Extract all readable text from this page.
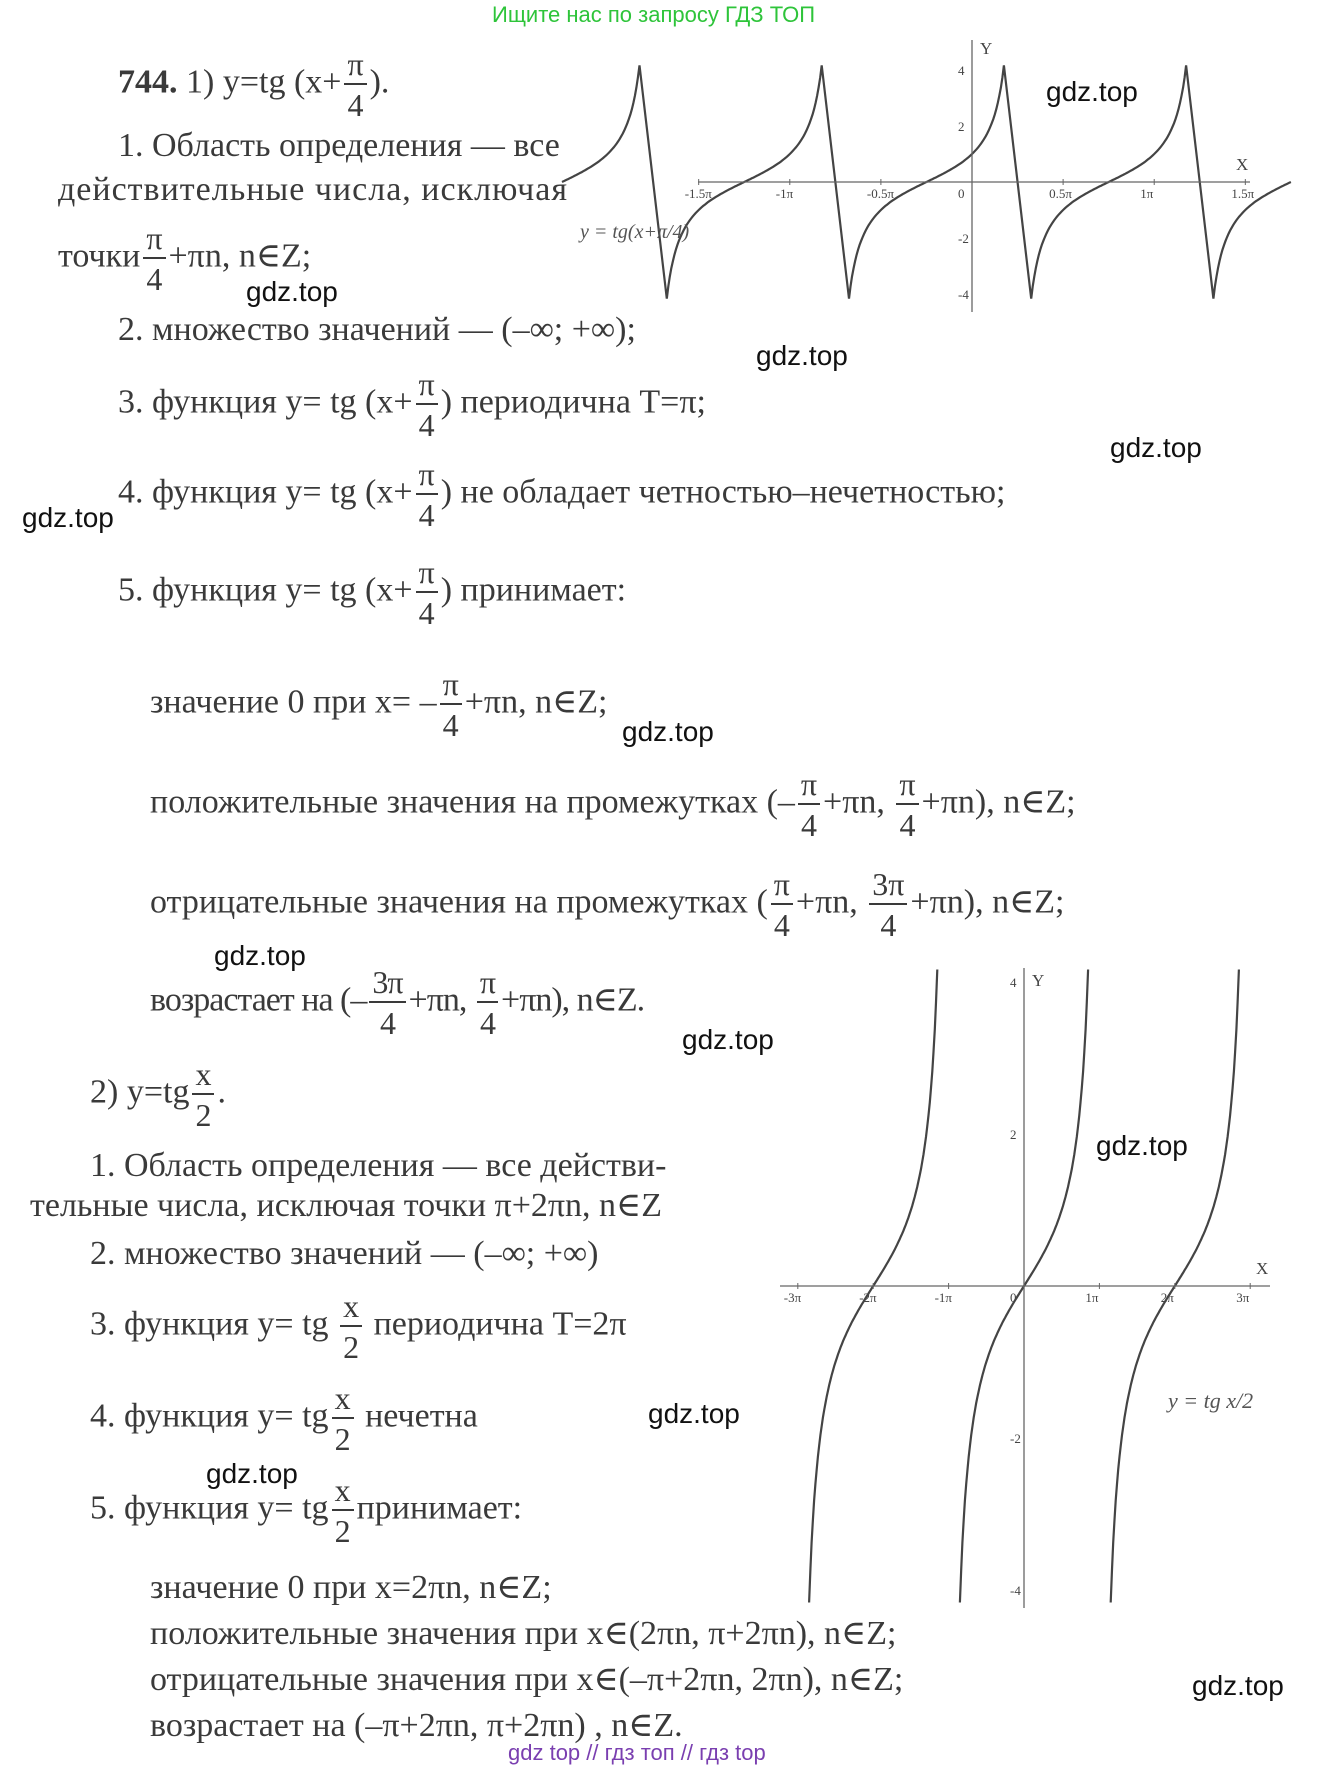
Ищите нас по запросу ГДЗ ТОП
gdz top // гдз топ // гдз top
744. 1) y=tg ($x+ \frac{\pi}{4}$ ).
1. Область определения — все
действительные числа, исключая
точки $\frac{\pi}{4} +\pi n$, n∈Z;
2. множество значений — (–∞; +∞);
3. функция y= tg ($x+ \frac{\pi}{4}$ ) периодична T=π;
4. функция y= tg ($x+ \frac{\pi}{4}$ ) не обладает четностью–нечетностью;
5. функция y= tg ($x+ \frac{\pi}{4}$ ) принимает:
значение 0 при $x= - \frac{\pi}{4} +\pi n$, n∈Z;
положительные значения на промежутках (– $\frac{\pi}{4} +\pi n$, $\frac{\pi}{4} +\pi n$), n∈Z;
отрицательные значения на промежутках ( $\frac{\pi}{4} +\pi n$, $\frac{3\pi}{4} +\pi n$), n∈Z;
возрастает на (– $\frac{3\pi}{4} +\pi n$, $\frac{\pi}{4} +\pi n$), n∈Z.
2) $y=tg \frac{x}{2}$ .
1. Область определения — все действи-
тельные числа, исключая точки π+2πn, n∈Z
2. множество значений — (–∞; +∞)
3. функция y= tg $\frac{x}{2}$ периодична T=2π
4. функция y= tg $\frac{x}{2}$ нечетна
5. функция y= tg $\frac{x}{2}$ принимает:
значение 0 при x=2πn, n∈Z;
положительные значения при x∈(2πn, π+2πn), n∈Z;
отрицательные значения при x∈(–π+2πn, 2πn), n∈Z;
возрастает на (–π+2πn, π+2πn) , n∈Z.
-1.5π	-1π	-0.5π	0	0.5π	1π	1.5π
4
2
-2
-4
X
Y
y = tg(x+π/4)
-3π	-2π	-1π	0	1π	2π	3π
4
2
-2
-4
X
Y
y = tg x/2
gdz.top
gdz.top
gdz.top
gdz.top
gdz.top
gdz.top
gdz.top
gdz.top
gdz.top
gdz.top
gdz.top
gdz.top
